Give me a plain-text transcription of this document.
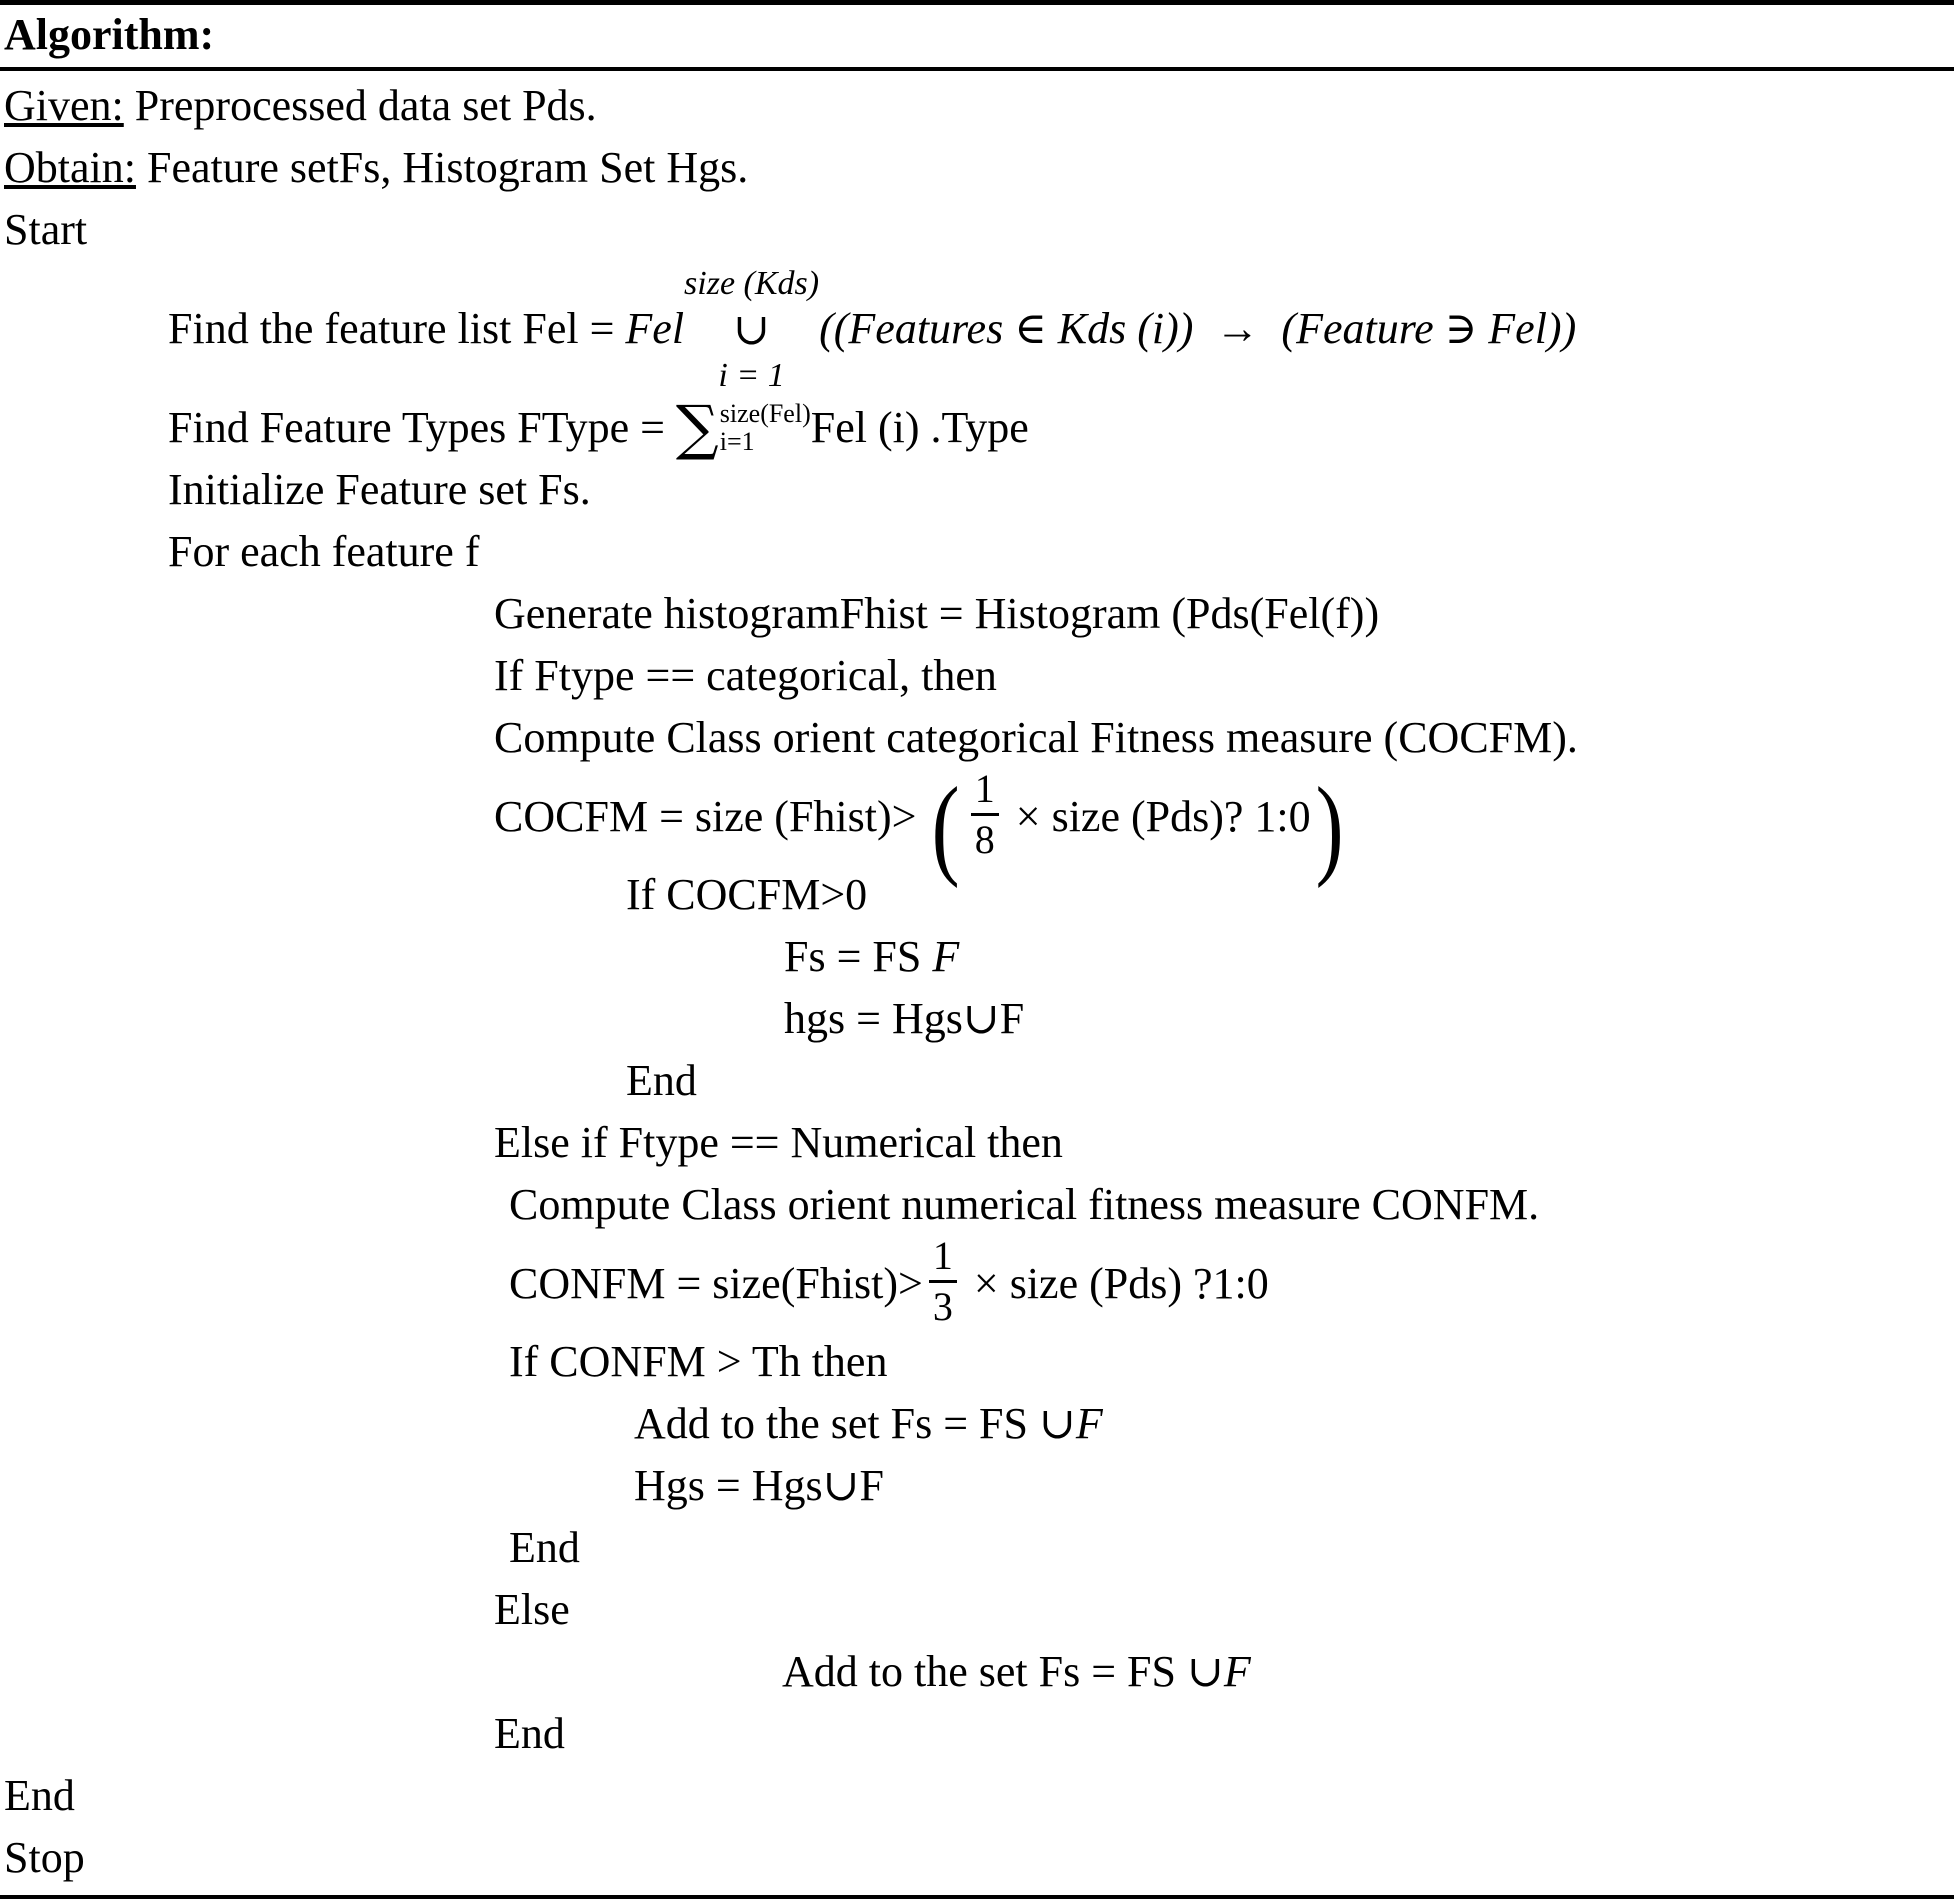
Algorithm:
Given: Preprocessed data set Pds.
Obtain: Feature setFs, Histogram Set Hgs.
Start
Find the feature list Fel = Fel
size (Kds)
∪
i = 1
((Features ∈ Kds (i))  →  (Feature ∋ Fel))
Find Feature Types FType = ∑ size(Fel)
i=1	Fel (i) .Type
Initialize Feature set Fs.
For each feature f
Generate histogramFhist = Histogram (Pds(Fel(f))
If Ftype == categorical, then
Compute Class orient categorical Fitness measure (COCFM).
COCFM = size (Fhist)> ( $\frac{1}{8}$ × size (Pds)? 1:0 )
If COCFM>0
Fs = FS F
hgs = Hgs∪F
End
Else if Ftype == Numerical then
Compute Class orient numerical fitness measure CONFM.
CONFM = size(Fhist)> $\frac{1}{3}$ × size (Pds) ?1:0
If CONFM > Th then
Add to the set Fs = FS ∪F
Hgs = Hgs∪F
End
Else
Add to the set Fs = FS ∪F
End
End
Stop
